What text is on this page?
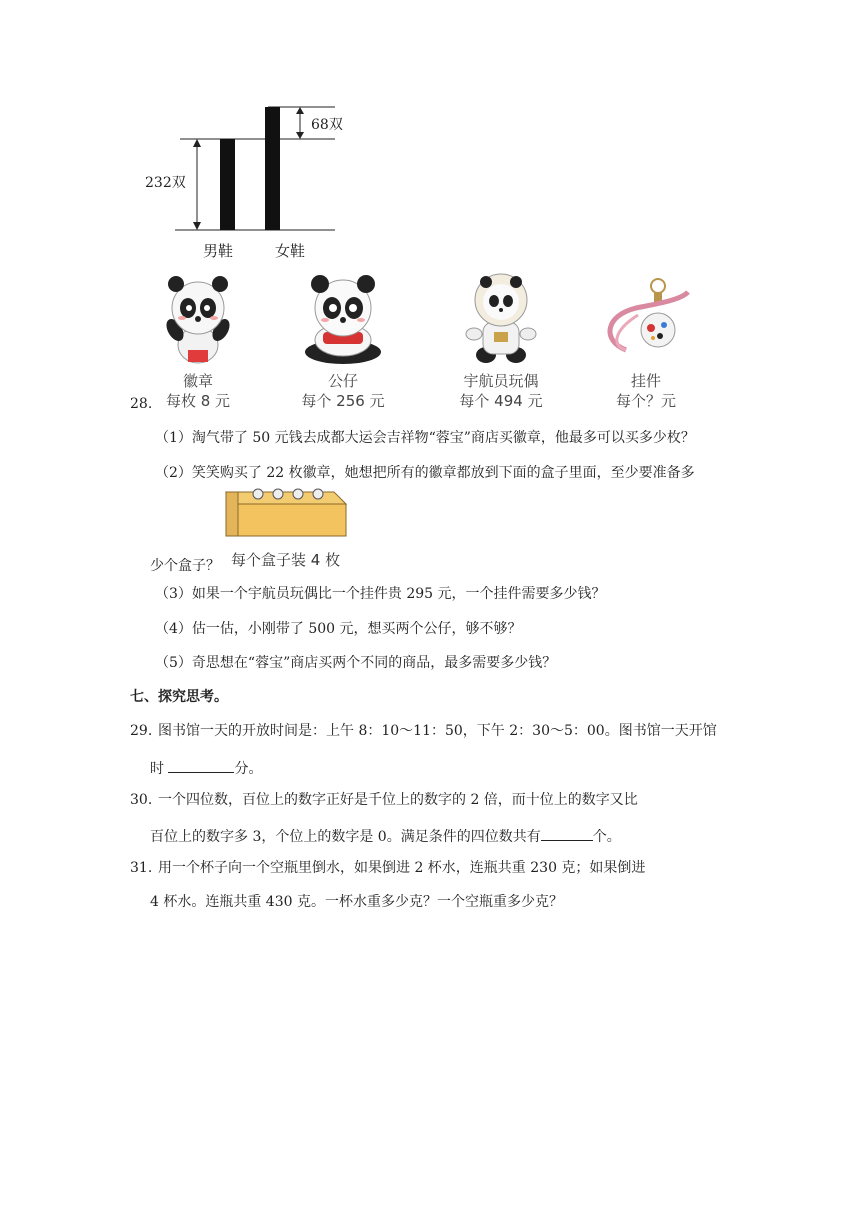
232双
68双
男鞋	女鞋
徽章
每枚 8 元
公仔
每个 256 元
宇航员玩偶
每个 494 元
挂件
每个？元
28.
（1）淘气带了 50 元钱去成都大运会吉祥物“蓉宝”商店买徽章，他最多可以买多少枚？
（2）笑笑购买了 22 枚徽章，她想把所有的徽章都放到下面的盒子里面，至少要准备多
每个盒子装 4 枚
少个盒子？
（3）如果一个宇航员玩偶比一个挂件贵 295 元，一个挂件需要多少钱？
（4）估一估，小刚带了 500 元，想买两个公仔，够不够？
（5）奇思想在“蓉宝”商店买两个不同的商品，最多需要多少钱？
七、探究思考。
29. 图书馆一天的开放时间是：上午 8：10～11：50，下午 2：30～5：00。图书馆一天开馆
时	分。
30. 一个四位数，百位上的数字正好是千位上的数字的 2 倍，而十位上的数字又比
百位上的数字多 3，个位上的数字是 0。满足条件的四位数共有	个。
31. 用一个杯子向一个空瓶里倒水，如果倒进 2 杯水，连瓶共重 230 克；如果倒进
4 杯水。连瓶共重 430 克。一杯水重多少克？一个空瓶重多少克？
